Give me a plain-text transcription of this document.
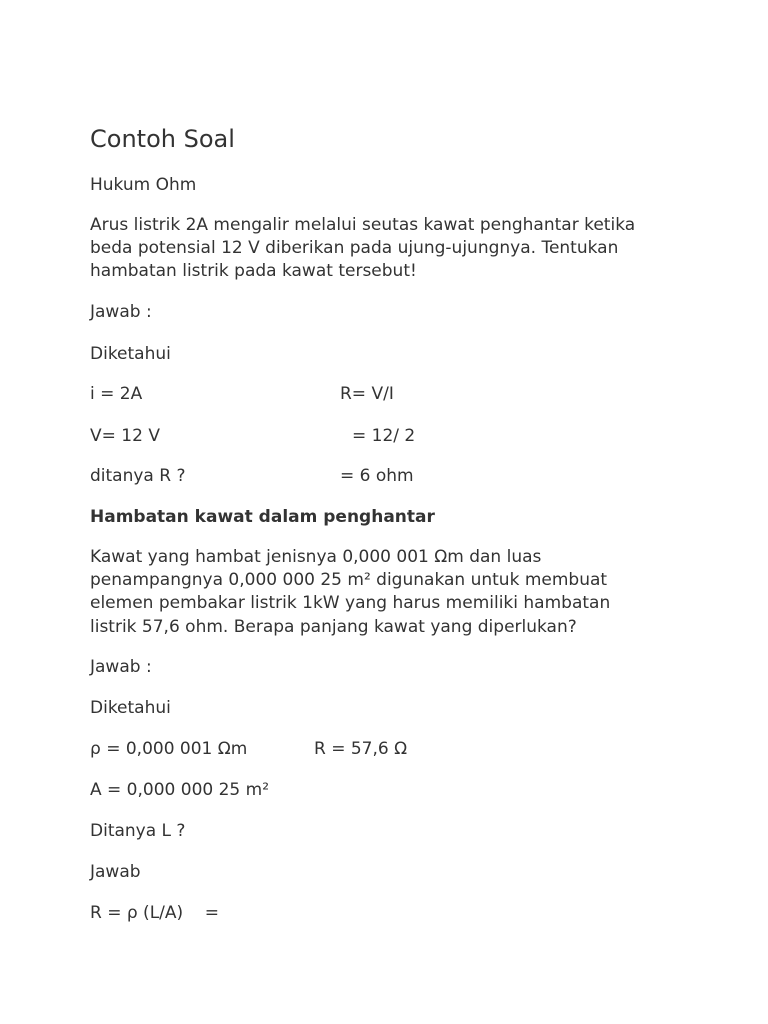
Contoh Soal

Hukum Ohm

Arus listrik 2A mengalir melalui seutas kawat penghantar ketika

beda potensial 12 V diberikan pada ujung-ujungnya. Tentukan

hambatan listrik pada kawat tersebut!

Jawab :

Diketahui

i = 2A	R= V/I

V= 12 V	= 12/ 2

ditanya R ?	= 6 ohm

Hambatan kawat dalam penghantar

Kawat yang hambat jenisnya 0,000 001 Ωm dan luas

penampangnya 0,000 000 25 m² digunakan untuk membuat

elemen pembakar listrik 1kW yang harus memiliki hambatan

listrik 57,6 ohm. Berapa panjang kawat yang diperlukan?

Jawab :

Diketahui

ρ = 0,000 001 Ωm	R = 57,6 Ω

A = 0,000 000 25 m²

Ditanya L ?

Jawab

R = ρ (L/A)    =
